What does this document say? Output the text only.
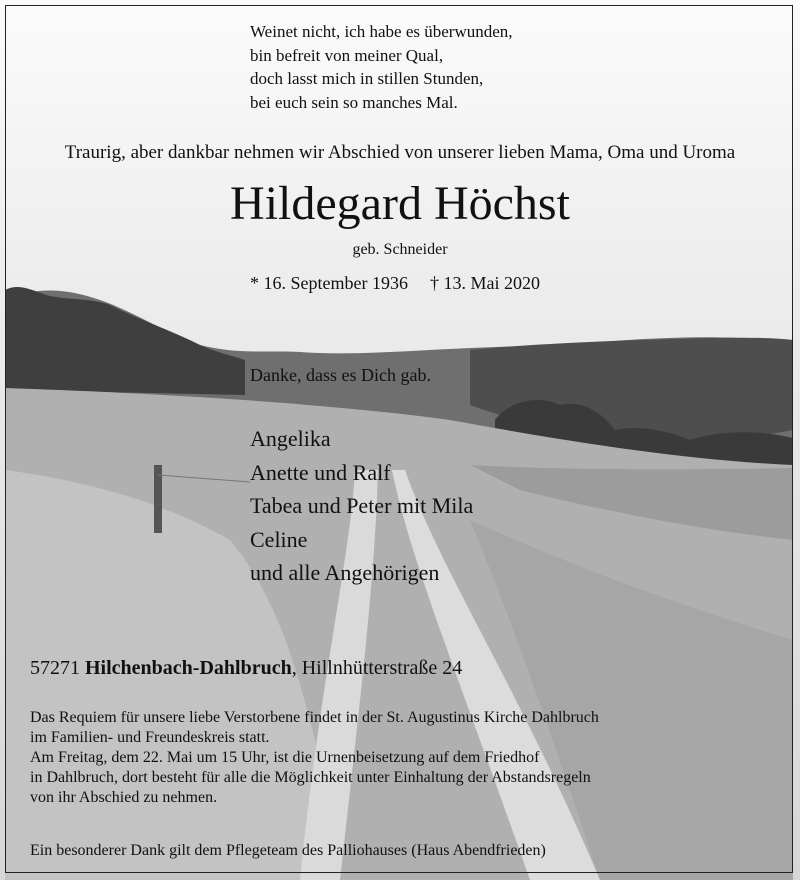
Weinet nicht, ich habe es überwunden,
bin befreit von meiner Qual,
doch lasst mich in stillen Stunden,
bei euch sein so manches Mal.
Traurig, aber dankbar nehmen wir Abschied von unserer lieben Mama, Oma und Uroma
Hildegard Höchst
geb. Schneider
* 16. September 1936 † 13. Mai 2020
Danke, dass es Dich gab.
Angelika
Anette und Ralf
Tabea und Peter mit Mila
Celine
und alle Angehörigen
57271 Hilchenbach-Dahlbruch, Hillnhütterstraße 24
Das Requiem für unsere liebe Verstorbene findet in der St. Augustinus Kirche Dahlbruch
im Familien- und Freundeskreis statt.
Am Freitag, dem 22. Mai um 15 Uhr, ist die Urnenbeisetzung auf dem Friedhof
in Dahlbruch, dort besteht für alle die Möglichkeit unter Einhaltung der Abstandsregeln
von ihr Abschied zu nehmen.
Ein besonderer Dank gilt dem Pflegeteam des Palliohauses (Haus Abendfrieden)
